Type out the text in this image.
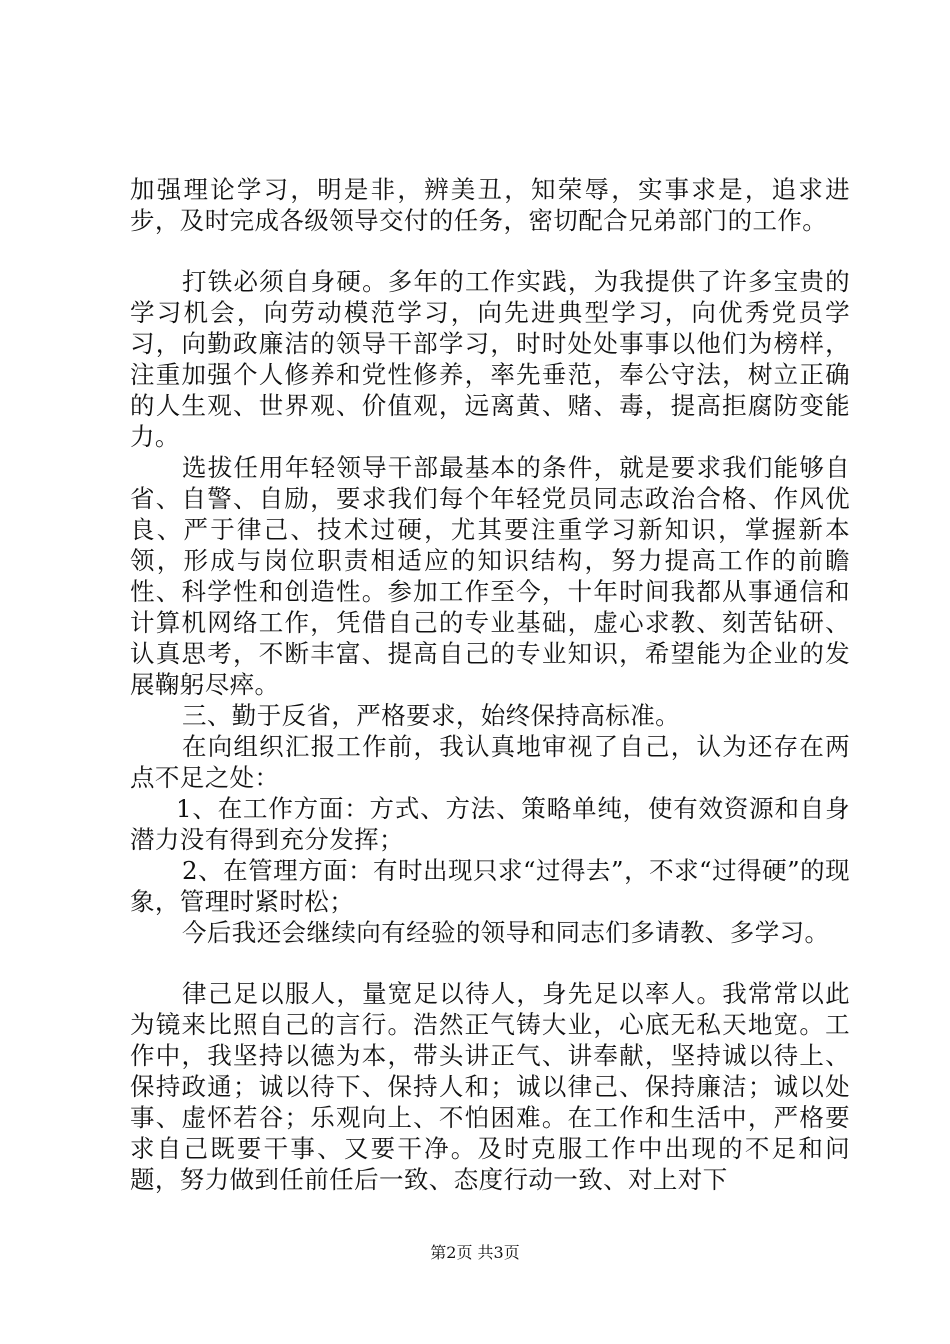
加强理论学习，明是非，辨美丑，知荣辱，实事求是，追求进步，及时完成各级领导交付的任务，密切配合兄弟部门的工作。

打铁必须自身硬。多年的工作实践，为我提供了许多宝贵的学习机会，向劳动模范学习，向先进典型学习，向优秀党员学习，向勤政廉洁的领导干部学习，时时处处事事以他们为榜样，注重加强个人修养和党性修养，率先垂范，奉公守法，树立正确的人生观、世界观、价值观，远离黄、赌、毒，提高拒腐防变能力。

选拔任用年轻领导干部最基本的条件，就是要求我们能够自省、自警、自励，要求我们每个年轻党员同志政治合格、作风优良、严于律己、技术过硬，尤其要注重学习新知识，掌握新本领，形成与岗位职责相适应的知识结构，努力提高工作的前瞻性、科学性和创造性。参加工作至今，十年时间我都从事通信和计算机网络工作，凭借自己的专业基础，虚心求教、刻苦钻研、认真思考，不断丰富、提高自己的专业知识，希望能为企业的发展鞠躬尽瘁。

三、勤于反省，严格要求，始终保持高标准。

在向组织汇报工作前，我认真地审视了自己，认为还存在两点不足之处：

1、在工作方面：方式、方法、策略单纯，使有效资源和自身潜力没有得到充分发挥；

2、在管理方面：有时出现只求“过得去”，不求“过得硬”的现象，管理时紧时松；

今后我还会继续向有经验的领导和同志们多请教、多学习。

律己足以服人，量宽足以待人，身先足以率人。我常常以此为镜来比照自己的言行。浩然正气铸大业，心底无私天地宽。工作中，我坚持以德为本，带头讲正气、讲奉献，坚持诚以待上、保持政通；诚以待下、保持人和；诚以律己、保持廉洁；诚以处事、虚怀若谷；乐观向上、不怕困难。在工作和生活中，严格要求自己既要干事、又要干净。及时克服工作中出现的不足和问题，努力做到任前任后一致、态度行动一致、对上对下

第2页 共3页
